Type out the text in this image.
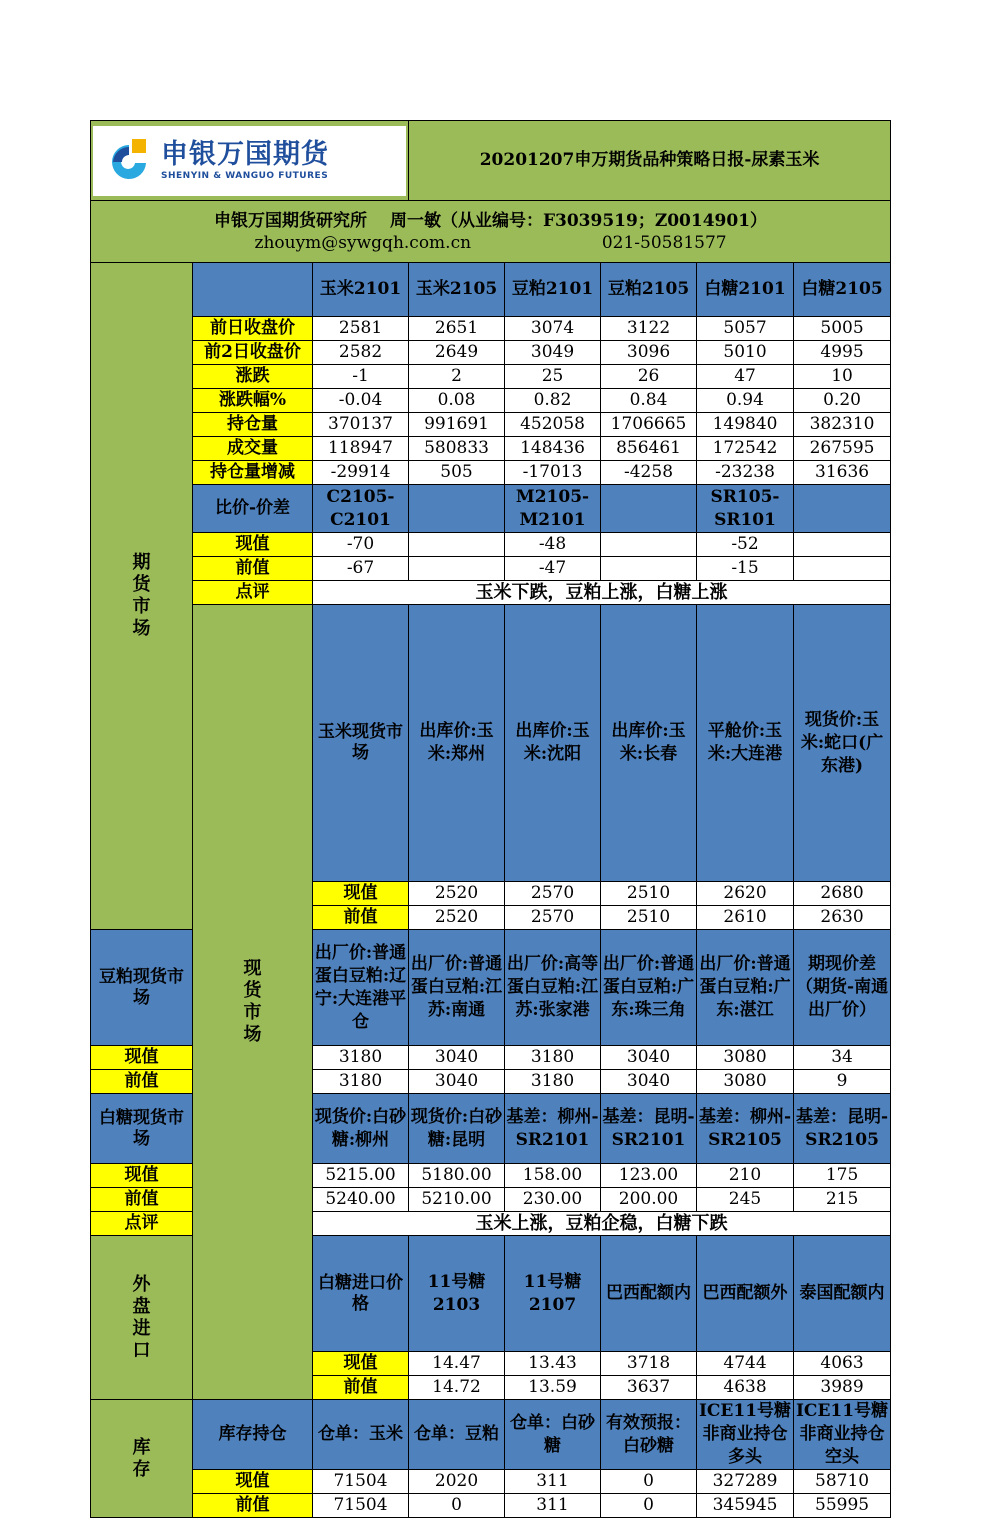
申银万国期货
SHENYIN & WANGUO FUTURES			20201207申万期货品种策略日报-尿素玉米					

申银万国期货研究所　 周一敏（从业编号：F3039519；Z0014901）
zhouym@sywgqh.com.cn 021-50581577								

期货市场		玉米2101	玉米2105	豆粕2101	豆粕2105	白糖2101	白糖2105	
	前日收盘价	2581	2651	3074	3122	5057	5005	
	前2日收盘价	2582	2649	3049	3096	5010	4995	
	涨跌	-1	2	25	26	47	10	
	涨跌幅%	-0.04	0.08	0.82	0.84	0.94	0.20	
	持仓量	370137	991691	452058	1706665	149840	382310	
	成交量	118947	580833	148436	856461	172542	267595	
	持仓量增减	-29914	505	-17013	-4258	-23238	31636	
	比价-价差	C2105-C2101		M2105-M2101		SR105-SR101		
	现值	-70		-48		-52		
	前值	-67		-47		-15		
	点评	玉米下跌，豆粕上涨，白糖上涨						

	现货市场	玉米现货市场	出库价:玉米:郑州	出库价:玉米:沈阳	出库价:玉米:长春	平舱价:玉米:大连港	现货价:玉米:蛇口(广东港)	
		现值	2520	2570	2510	2620	2680	
		前值	2520	2570	2510	2610	2630	
豆粕现货市场		出厂价:普通蛋白豆粕:辽宁:大连港平仓	出厂价:普通蛋白豆粕:江苏:南通	出厂价:高等蛋白豆粕:江苏:张家港	出厂价:普通蛋白豆粕:广东:珠三角	出厂价:普通蛋白豆粕:广东:湛江	期现价差（期货-南通出厂价）	
现值		3180	3040	3180	3040	3080	34	
前值		3180	3040	3180	3040	3080	9	
白糖现货市场		现货价:白砂糖:柳州	现货价:白砂糖:昆明	基差：柳州-SR2101	基差：昆明-SR2101	基差：柳州-SR2105	基差：昆明-SR2105	
现值		5215.00	5180.00	158.00	123.00	210	175	
前值		5240.00	5210.00	230.00	200.00	245	215	
点评		玉米上涨，豆粕企稳，白糖下跌						

外盘进口		白糖进口价格	11号糖2103	11号糖2107	巴西配额内	巴西配额外	泰国配额内	
		现值	14.47	13.43	3718	4744	4063	
		前值	14.72	13.59	3637	4638	3989	

库存	库存持仓	仓单：玉米	仓单：豆粕	仓单：白砂糖	有效预报：白砂糖	ICE11号糖非商业持仓多头	ICE11号糖非商业持仓空头	
	现值	71504	2020	311	0	327289	58710	
	前值	71504	0	311	0	345945	55995	
